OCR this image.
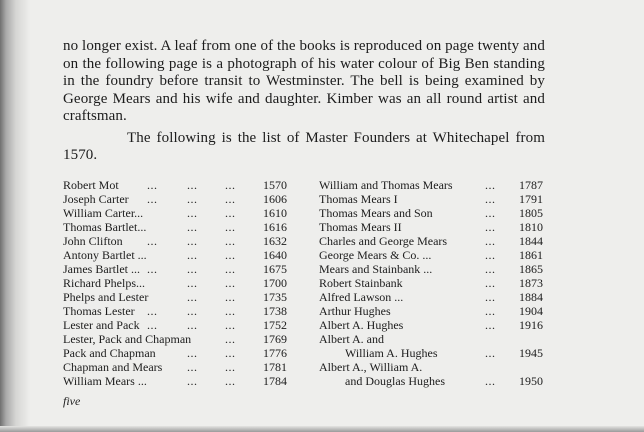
no longer exist. A leaf from one of the books is reproduced on page twenty and on the following page is a photograph of his water colour of Big Ben standing in the foundry before transit to Westminster. The bell is being examined by George Mears and his wife and daughter. Kimber was an all round artist and craftsman.

The following is the list of Master Founders at Whitechapel from 1570.

Robert Mot ... ... ... 1570
Joseph Carter ... ... ... 1606
William Carter...	... ... 1610
Thomas Bartlet...	... ... 1616
John Clifton ... ... ... 1632
Antony Bartlet ...	... ... 1640
James Bartlet ... ... ... ... 1675
Richard Phelps...	... ... 1700
Phelps and Lester	... ... 1735
Thomas Lester ... ... ... 1738
Lester and Pack ... ... ... 1752
Lester, Pack and Chapman	... 1769
Pack and Chapman	... ... 1776
Chapman and Mears ... ... 1781
William Mears ...	... ... 1784
William and Thomas Mears	... 1787
Thomas Mears I	... 1791
Thomas Mears and Son	... 1805
Thomas Mears II	... 1810
Charles and George Mears	... 1844
George Mears & Co. ...	... 1861
Mears and Stainbank ...	... 1865
Robert Stainbank	... 1873
Alfred Lawson ...	... 1884
Arthur Hughes	... 1904
Albert A. Hughes	... 1916
Albert A. and
William A. Hughes	... 1945
Albert A., William A.
and Douglas Hughes	... 1950
five
